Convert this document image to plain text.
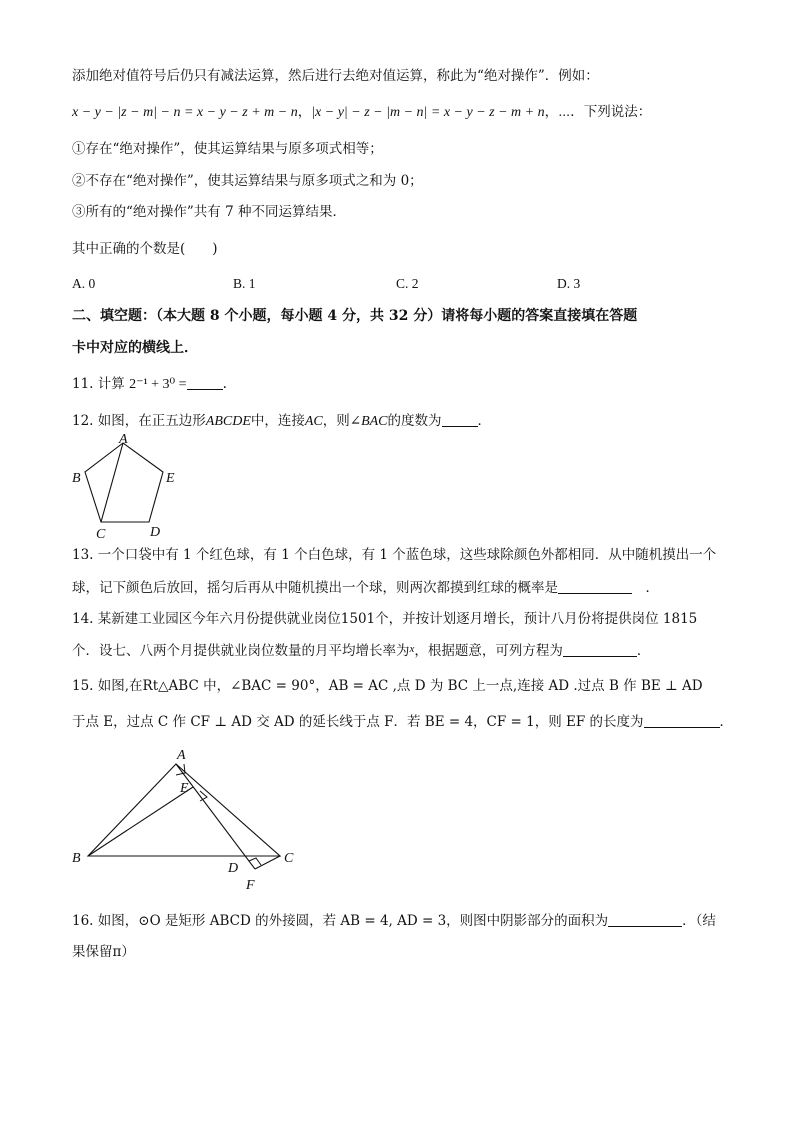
添加绝对值符号后仍只有减法运算，然后进行去绝对值运算，称此为“绝对操作”．例如：
x − y − |z − m| − n = x − y − z + m − n，|x − y| − z − |m − n| = x − y − z − m + n，⋯．下列说法：
①存在“绝对操作”，使其运算结果与原多项式相等；
②不存在“绝对操作”，使其运算结果与原多项式之和为 0；
③所有的“绝对操作”共有 7 种不同运算结果．
其中正确的个数是(　　)
A. 0	B. 1	C. 2	D. 3
二、填空题：（本大题 8 个小题，每小题 4 分，共 32 分）请将每小题的答案直接填在答题
卡中对应的横线上．
11. 计算 2⁻¹ + 3⁰ =	.
12. 如图，在正五边形ABCDE中，连接AC，则∠BAC的度数为	．
A
B
C	D
E
13. 一个口袋中有 1 个红色球，有 1 个白色球，有 1 个蓝色球，这些球除颜色外都相同．从中随机摸出一个
球，记下颜色后放回，摇匀后再从中随机摸出一个球，则两次都摸到红球的概率是	　．
14. 某新建工业园区今年六月份提供就业岗位1501个，并按计划逐月增长，预计八月份将提供岗位 1815
个．设七、八两个月提供就业岗位数量的月平均增长率为$^x$，根据题意，可列方程为	．
15. 如图,在Rt△ABC 中，∠BAC = 90°，AB = AC ,点 D 为 BC 上一点,连接 AD .过点 B 作 BE ⊥ AD
于点 E，过点 C 作 CF ⊥ AD 交 AD 的延长线于点 F．若 BE = 4，CF = 1，则 EF 的长度为	．
A
E
B
D
C
F
16. 如图，⊙O 是矩形 ABCD 的外接圆，若 AB = 4, AD = 3，则图中阴影部分的面积为	．（结
果保留π）
